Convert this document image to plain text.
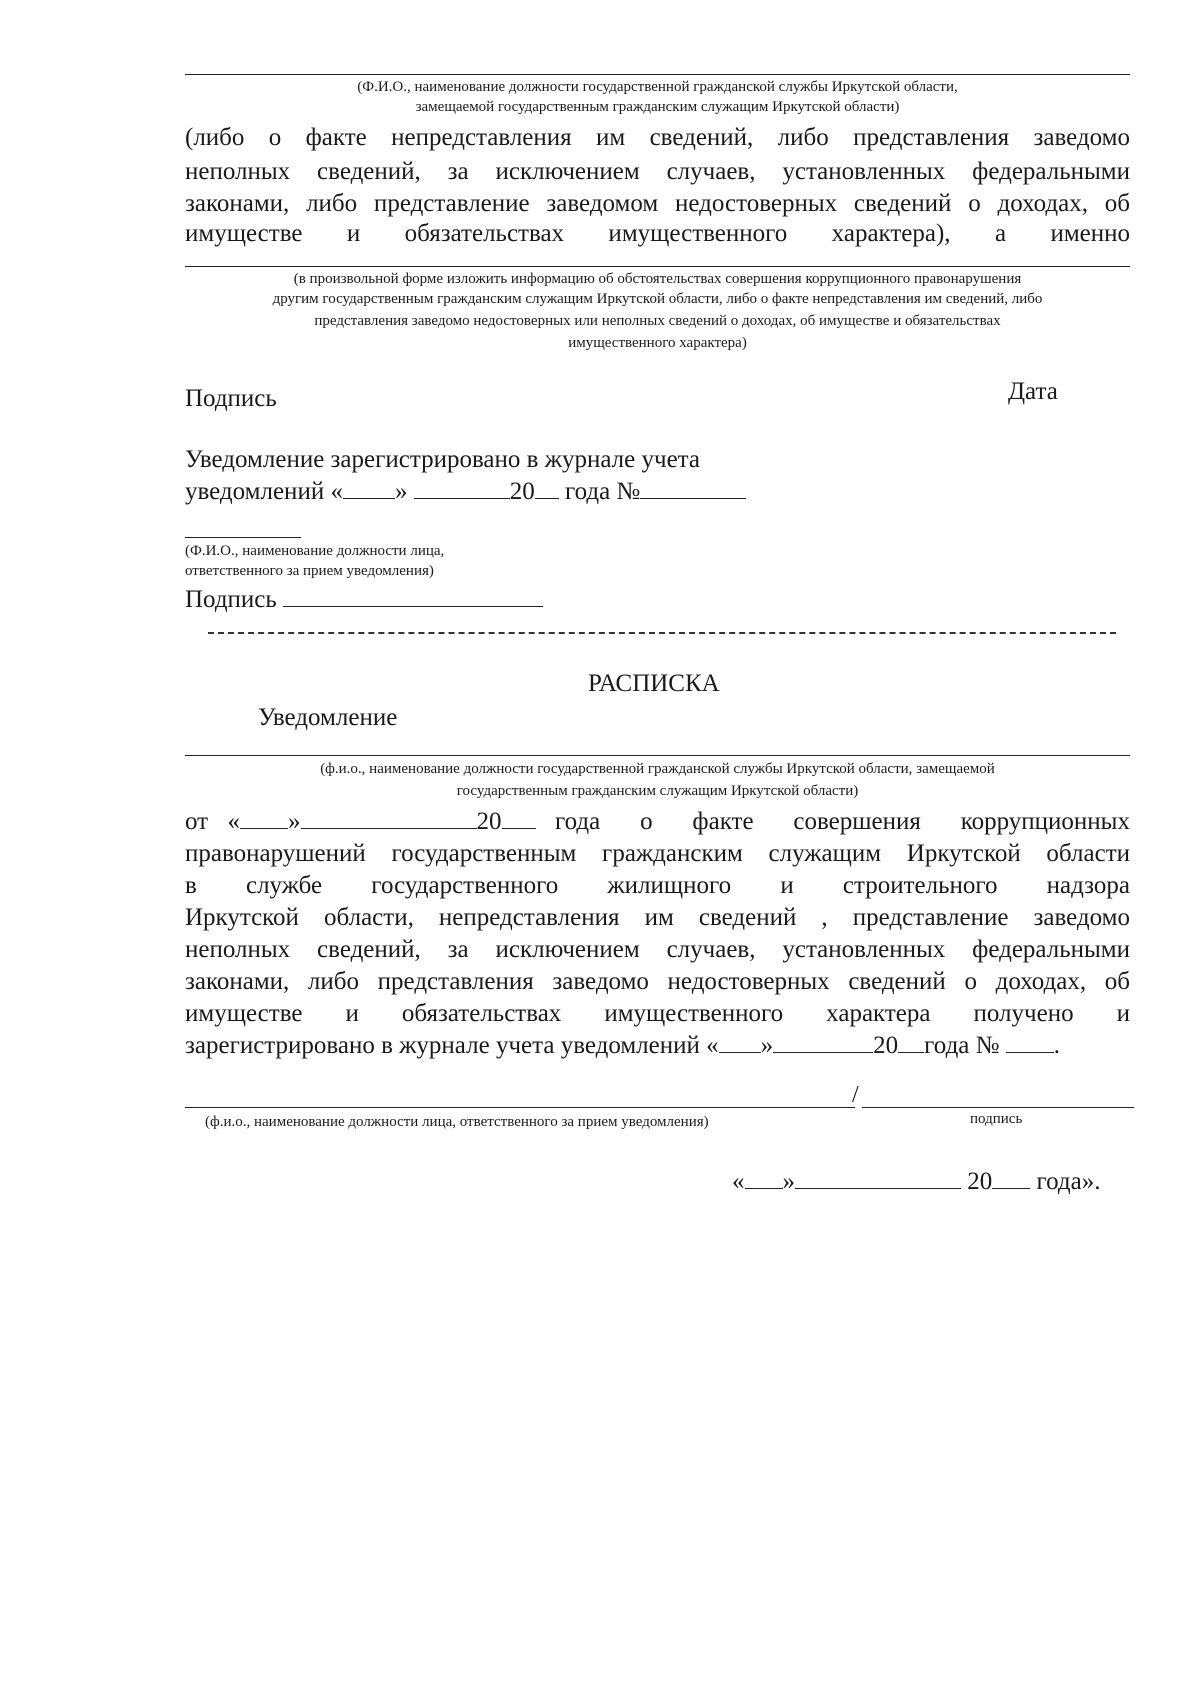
(Ф.И.О., наименование должности государственной гражданской службы Иркутской области,
замещаемой государственным гражданским служащим Иркутской области)
(либо о факте непредставления им сведений, либо представления заведомо
неполных сведений, за исключением случаев, установленных федеральными
законами, либо представление заведомом недостоверных сведений о доходах, об
имуществе и обязательствах имущественного характера), а именно
(в произвольной форме изложить информацию об обстоятельствах совершения коррупционного правонарушения
другим государственным гражданским служащим Иркутской области, либо о факте непредставления им сведений, либо
представления заведомо недостоверных или неполных сведений о доходах, об имуществе и обязательствах
имущественного характера)
Подпись	Дата
Уведомление зарегистрировано в журнале учета
уведомлений « »	20 года №
(Ф.И.О., наименование должности лица,
ответственного за прием уведомления)
Подпись
РАСПИСКА
Уведомление
(ф.и.о., наименование должности государственной гражданской службы Иркутской области, замещаемой
государственным гражданским служащим Иркутской области)
от « »	20	года о факте совершения коррупционных
правонарушений государственным гражданским служащим Иркутской области
в службе государственного жилищного и строительного надзора
Иркутской области, непредставления им сведений , представление заведомо
неполных сведений, за исключением случаев, установленных федеральными
законами, либо представления заведомо недостоверных сведений о доходах, об
имуществе и обязательствах имущественного характера получено и
зарегистрировано в журнале учета уведомлений « »	20 года № .
/
(ф.и.о., наименование должности лица, ответственного за прием уведомления)	подпись
« »	20 года».
